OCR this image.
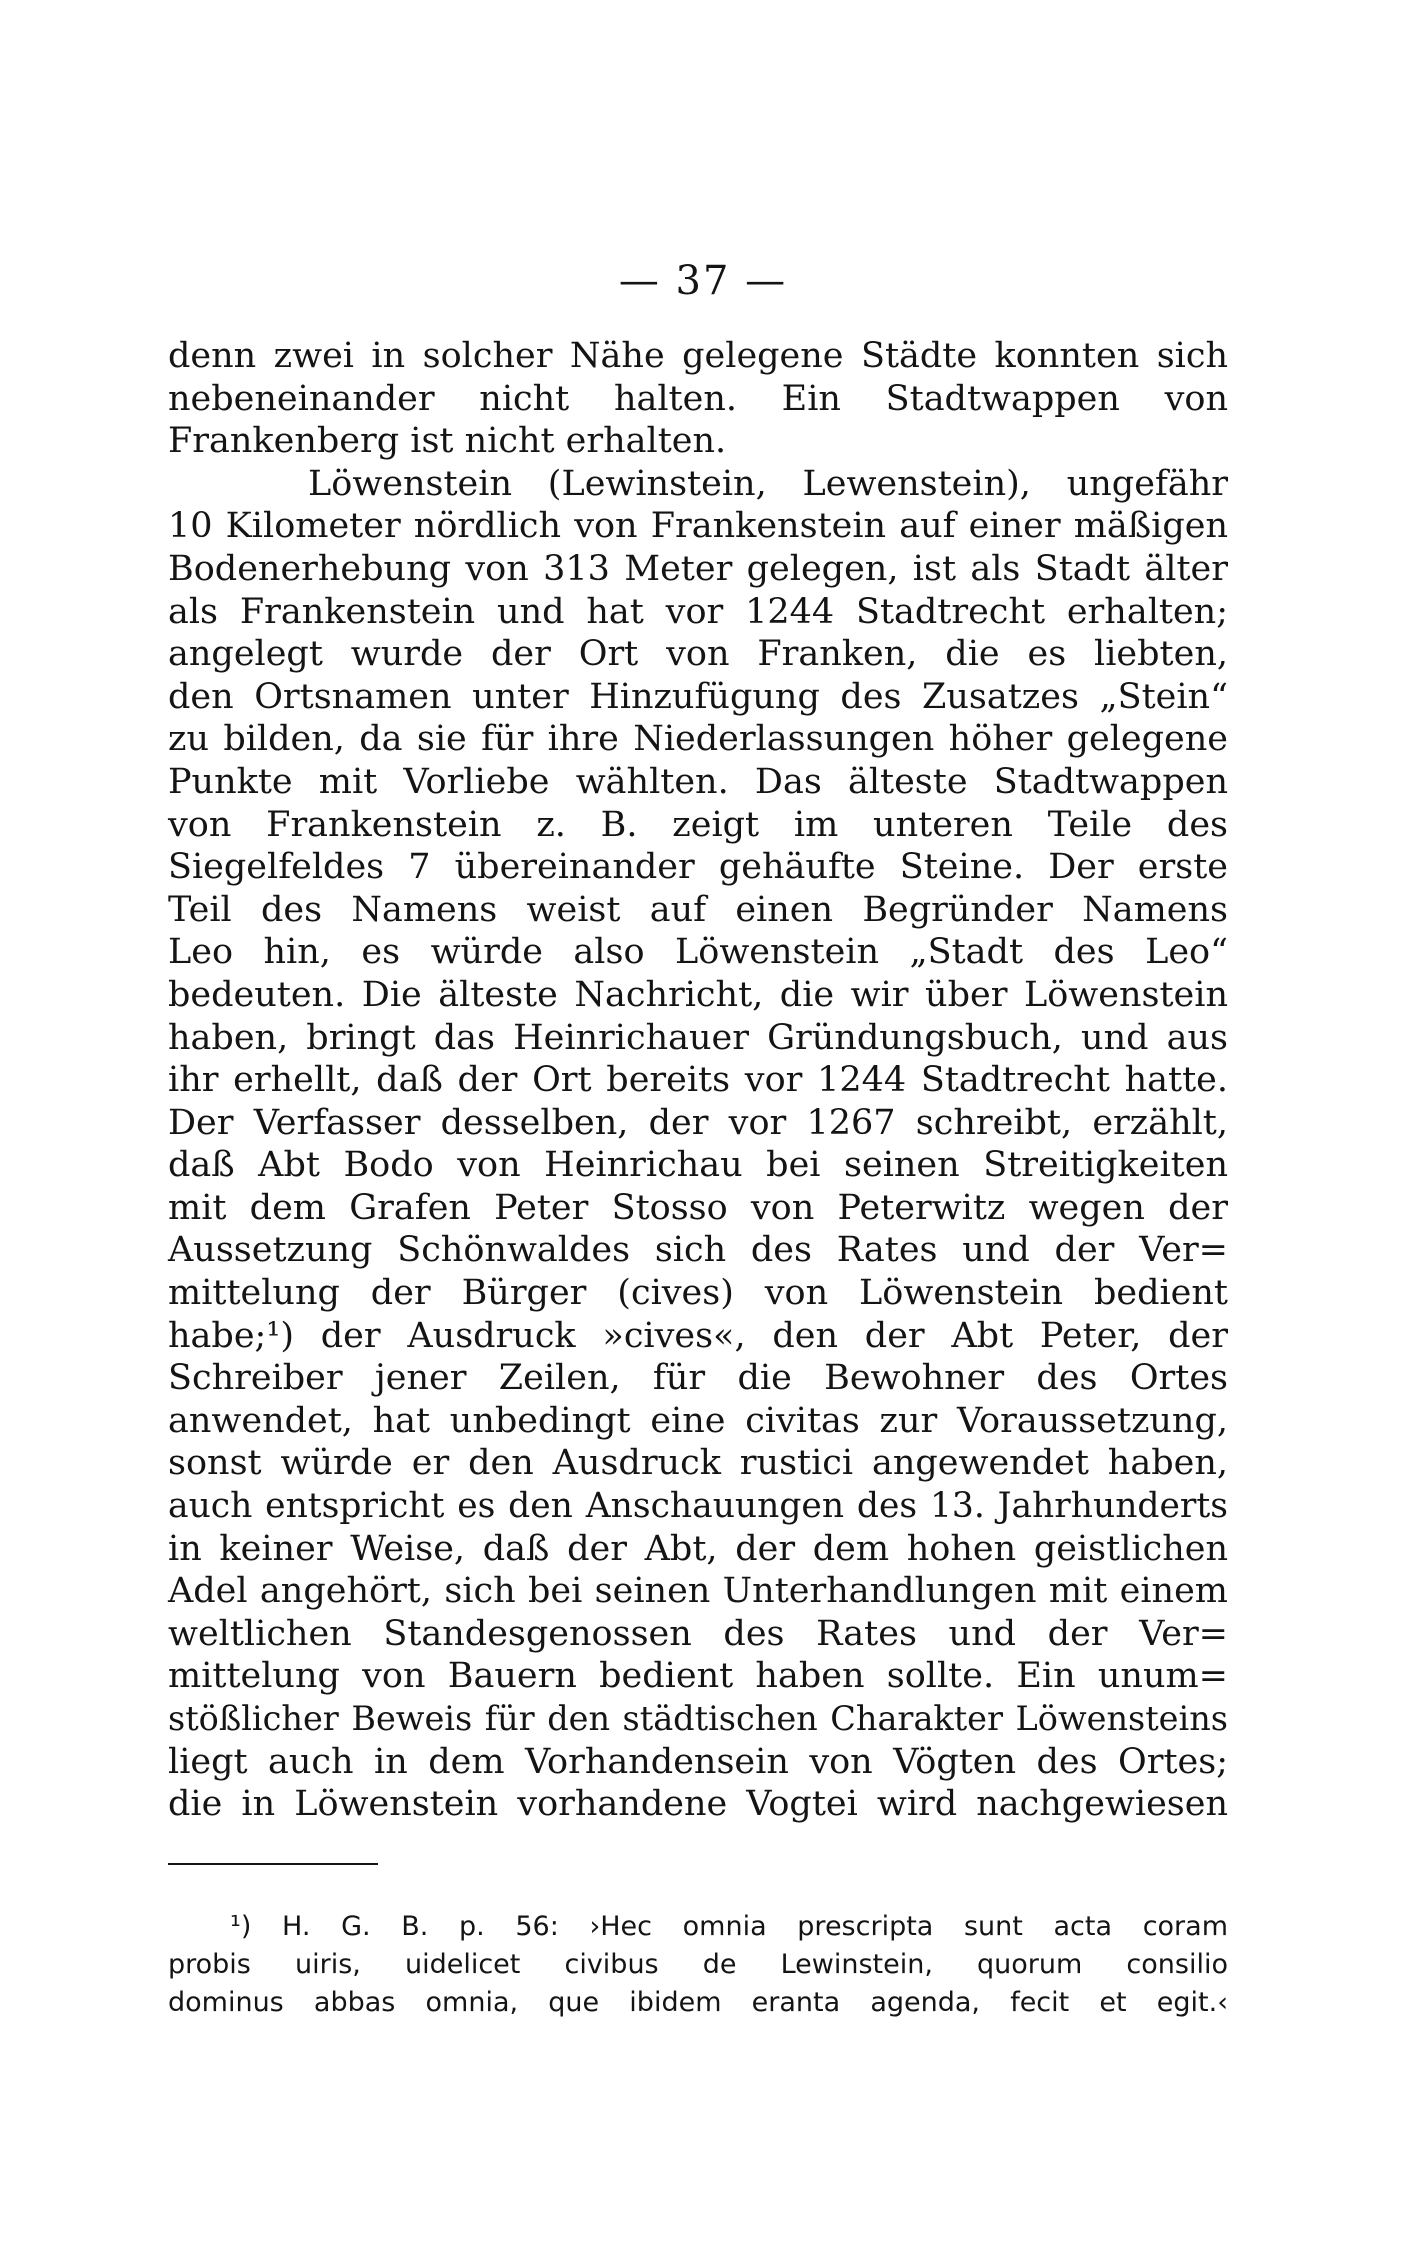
— 37 —
denn zwei in solcher Nähe gelegene Städte konnten sich
nebeneinander nicht halten. Ein Stadtwappen von
Frankenberg ist nicht erhalten.
Löwenstein (Lewinstein, Lewenstein), ungefähr
10 Kilometer nördlich von Frankenstein auf einer mäßigen
Bodenerhebung von 313 Meter gelegen, ist als Stadt älter
als Frankenstein und hat vor 1244 Stadtrecht erhalten;
angelegt wurde der Ort von Franken, die es liebten,
den Ortsnamen unter Hinzufügung des Zusatzes „Stein“
zu bilden, da sie für ihre Niederlassungen höher gelegene
Punkte mit Vorliebe wählten. Das älteste Stadtwappen
von Frankenstein z. B. zeigt im unteren Teile des
Siegelfeldes 7 übereinander gehäufte Steine. Der erste
Teil des Namens weist auf einen Begründer Namens
Leo hin, es würde also Löwenstein „Stadt des Leo“
bedeuten. Die älteste Nachricht, die wir über Löwenstein
haben, bringt das Heinrichauer Gründungsbuch, und aus
ihr erhellt, daß der Ort bereits vor 1244 Stadtrecht hatte.
Der Verfasser desselben, der vor 1267 schreibt, erzählt,
daß Abt Bodo von Heinrichau bei seinen Streitigkeiten
mit dem Grafen Peter Stosso von Peterwitz wegen der
Aussetzung Schönwaldes sich des Rates und der Ver=
mittelung der Bürger (cives) von Löwenstein bedient
habe;¹) der Ausdruck »cives«, den der Abt Peter, der
Schreiber jener Zeilen, für die Bewohner des Ortes
anwendet, hat unbedingt eine civitas zur Voraussetzung,
sonst würde er den Ausdruck rustici angewendet haben,
auch entspricht es den Anschauungen des 13. Jahrhunderts
in keiner Weise, daß der Abt, der dem hohen geistlichen
Adel angehört, sich bei seinen Unterhandlungen mit einem
weltlichen Standesgenossen des Rates und der Ver=
mittelung von Bauern bedient haben sollte. Ein unum=
stößlicher Beweis für den städtischen Charakter Löwensteins
liegt auch in dem Vorhandensein von Vögten des Ortes;
die in Löwenstein vorhandene Vogtei wird nachgewiesen
¹) H. G. B. p. 56: ›Hec omnia prescripta sunt acta coram
probis uiris, uidelicet civibus de Lewinstein, quorum consilio
dominus abbas omnia, que ibidem eranta agenda, fecit et egit.‹
